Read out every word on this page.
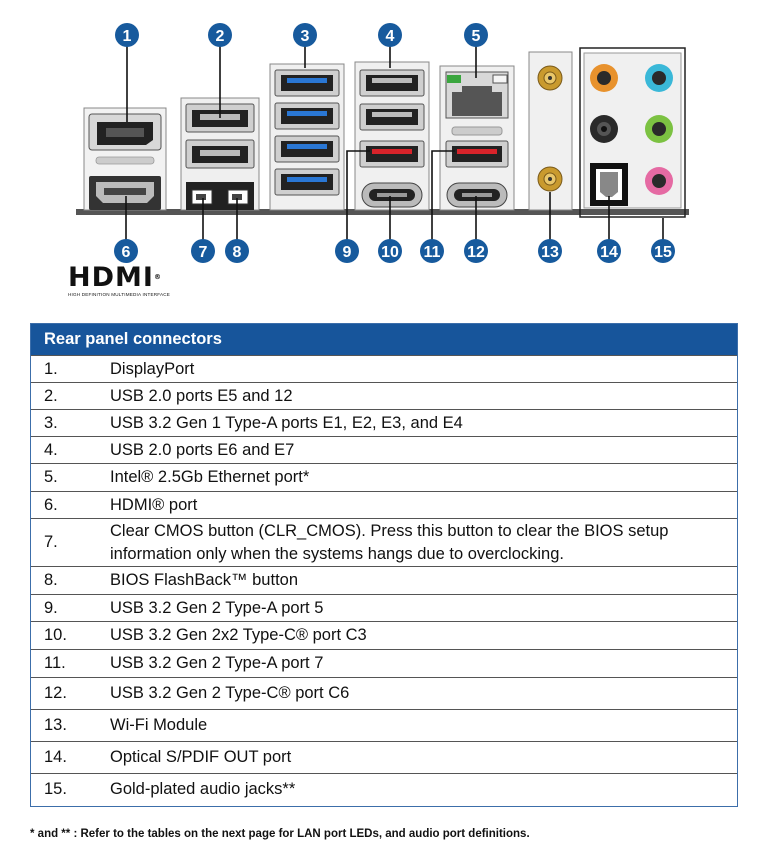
1	2	3	4	5
6	7 8	9 10 11 12	13	14 15
HDMI®
HIGH DEFINITION MULTIMEDIA INTERFACE
Rear panel connectors
1.	DisplayPort
2.	USB 2.0 ports E5 and 12
3.	USB 3.2 Gen 1 Type-A ports E1, E2, E3, and E4
4.	USB 2.0 ports E6 and E7
5.	Intel® 2.5Gb Ethernet port*
6.	HDMI® port
7.	Clear CMOS button (CLR_CMOS). Press this button to clear the BIOS setup information only when the systems hangs due to overclocking.
8.	BIOS FlashBack™ button
9.	USB 3.2 Gen 2 Type-A port 5
10.	USB 3.2 Gen 2x2 Type-C® port C3
11.	USB 3.2 Gen 2 Type-A port 7
12.	USB 3.2 Gen 2 Type-C® port C6
13.	Wi-Fi Module
14.	Optical S/PDIF OUT port
15.	Gold-plated audio jacks**
* and ** : Refer to the tables on the next page for LAN port LEDs, and audio port definitions.
